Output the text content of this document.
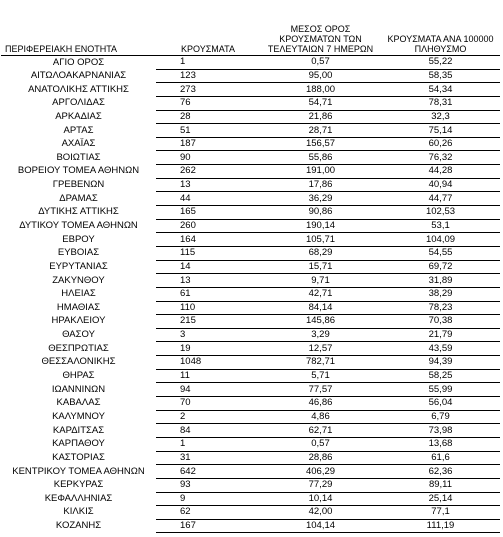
ΠΕΡΙΦΕΡΕΙΑΚΗ ΕΝΟΤΗΤΑ	ΚΡΟΥΣΜΑΤΑ	ΜΕΣΟΣ ΟΡΟΣ ΚΡΟΥΣΜΑΤΩΝ ΤΩΝ ΤΕΛΕΥΤΑΙΩΝ 7 ΗΜΕΡΩΝ	ΚΡΟΥΣΜΑΤΑ ΑΝΑ 100000 ΠΛΗΘΥΣΜΟ
ΑΓΙΟ ΟΡΟΣ	1	0,57	55,22
ΑΙΤΩΛΟΑΚΑΡΝΑΝΙΑΣ	123	95,00	58,35
ΑΝΑΤΟΛΙΚΗΣ ΑΤΤΙΚΗΣ	273	188,00	54,34
ΑΡΓΟΛΙΔΑΣ	76	54,71	78,31
ΑΡΚΑΔΙΑΣ	28	21,86	32,3
ΑΡΤΑΣ	51	28,71	75,14
ΑΧΑΪΑΣ	187	156,57	60,26
ΒΟΙΩΤΙΑΣ	90	55,86	76,32
ΒΟΡΕΙΟΥ ΤΟΜΕΑ ΑΘΗΝΩΝ	262	191,00	44,28
ΓΡΕΒΕΝΩΝ	13	17,86	40,94
ΔΡΑΜΑΣ	44	36,29	44,77
ΔΥΤΙΚΗΣ ΑΤΤΙΚΗΣ	165	90,86	102,53
ΔΥΤΙΚΟΥ ΤΟΜΕΑ ΑΘΗΝΩΝ	260	190,14	53,1
ΕΒΡΟΥ	164	105,71	104,09
ΕΥΒΟΙΑΣ	115	68,29	54,55
ΕΥΡΥΤΑΝΙΑΣ	14	15,71	69,72
ΖΑΚΥΝΘΟΥ	13	9,71	31,89
ΗΛΕΙΑΣ	61	42,71	38,29
ΗΜΑΘΙΑΣ	110	84,14	78,23
ΗΡΑΚΛΕΙΟΥ	215	145,86	70,38
ΘΑΣΟΥ	3	3,29	21,79
ΘΕΣΠΡΩΤΙΑΣ	19	12,57	43,59
ΘΕΣΣΑΛΟΝΙΚΗΣ	1048	782,71	94,39
ΘΗΡΑΣ	11	5,71	58,25
ΙΩΑΝΝΙΝΩΝ	94	77,57	55,99
ΚΑΒΑΛΑΣ	70	46,86	56,04
ΚΑΛΥΜΝΟΥ	2	4,86	6,79
ΚΑΡΔΙΤΣΑΣ	84	62,71	73,98
ΚΑΡΠΑΘΟΥ	1	0,57	13,68
ΚΑΣΤΟΡΙΑΣ	31	28,86	61,6
ΚΕΝΤΡΙΚΟΥ ΤΟΜΕΑ ΑΘΗΝΩΝ	642	406,29	62,36
ΚΕΡΚΥΡΑΣ	93	77,29	89,11
ΚΕΦΑΛΛΗΝΙΑΣ	9	10,14	25,14
ΚΙΛΚΙΣ	62	42,00	77,1
ΚΟΖΑΝΗΣ	167	104,14	111,19
